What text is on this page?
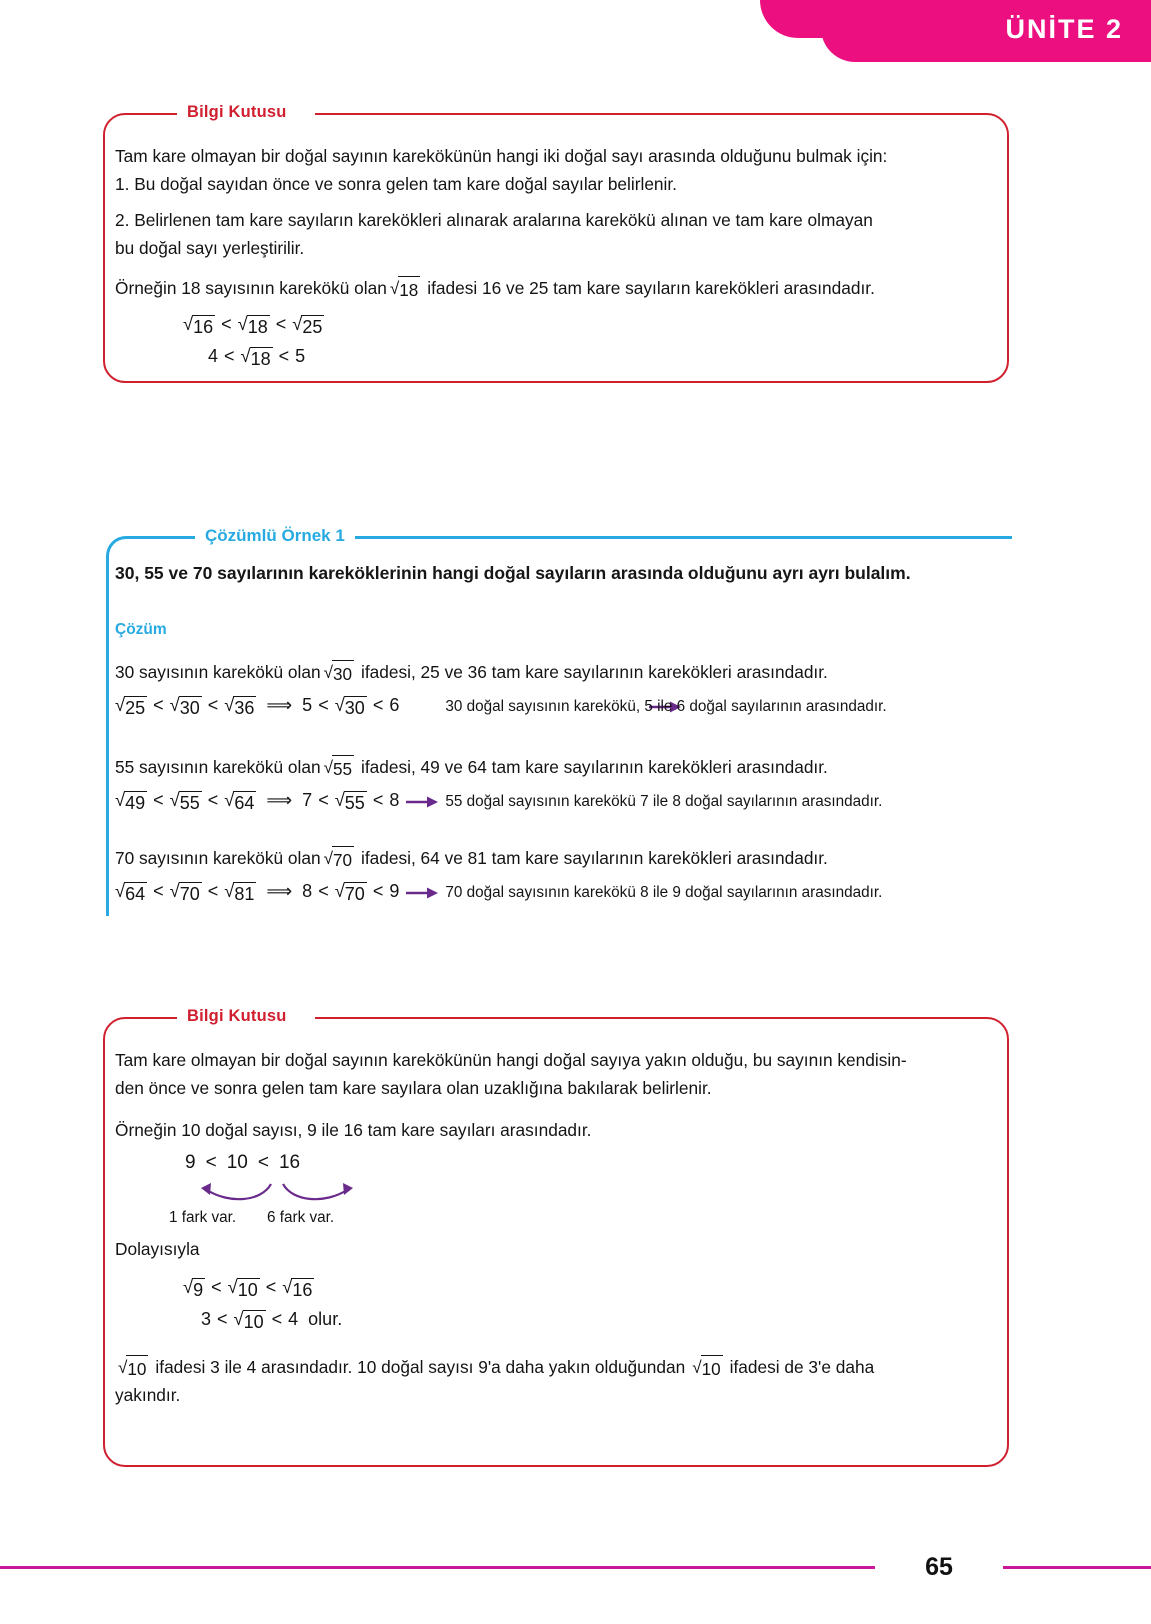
ÜNİTE 2
Bilgi Kutusu
Tam kare olmayan bir doğal sayının karekökünün hangi iki doğal sayı arasında olduğunu bulmak için:
1. Bu doğal sayıdan önce ve sonra gelen tam kare doğal sayılar belirlenir.
2. Belirlenen tam kare sayıların karekökleri alınarak aralarına karekökü alınan ve tam kare olmayan
bu doğal sayı yerleştirilir.
Örneğin 18 sayısının karekökü olan √ 18 ifadesi 16 ve 25 tam kare sayıların karekökleri arasındadır.
√ 16 < √ 18 < √ 25
4 < √ 18 < 5
Çözümlü Örnek 1
30, 55 ve 70 sayılarının kareköklerinin hangi doğal sayıların arasında olduğunu ayrı ayrı bulalım.
Çözüm
30 sayısının karekökü olan √ 30 ifadesi, 25 ve 36 tam kare sayılarının karekökleri arasındadır.
√ 25 < √ 30 < √ 36 ⟹ 5 < √ 30 < 6	30 doğal sayısının karekökü, 5 ile 6 doğal sayılarının arasındadır.
55 sayısının karekökü olan √ 55 ifadesi, 49 ve 64 tam kare sayılarının karekökleri arasındadır.
√ 49 < √ 55 < √ 64 ⟹ 7 < √ 55 < 8	55 doğal sayısının karekökü 7 ile 8 doğal sayılarının arasındadır.
70 sayısının karekökü olan √ 70 ifadesi, 64 ve 81 tam kare sayılarının karekökleri arasındadır.
√ 64 < √ 70 < √ 81 ⟹ 8 < √ 70 < 9	70 doğal sayısının karekökü 8 ile 9 doğal sayılarının arasındadır.
Bilgi Kutusu
Tam kare olmayan bir doğal sayının karekökünün hangi doğal sayıya yakın olduğu, bu sayının kendisin-
den önce ve sonra gelen tam kare sayılara olan uzaklığına bakılarak belirlenir.
Örneğin 10 doğal sayısı, 9 ile 16 tam kare sayıları arasındadır.
9 < 10 < 16
1 fark var. 6 fark var.
Dolayısıyla
√ 9 < √ 10 < √ 16
3 < √ 10 < 4 olur.
√ 10 ifadesi 3 ile 4 arasındadır. 10 doğal sayısı 9'a daha yakın olduğundan √ 10 ifadesi de 3'e daha
yakındır.
65
